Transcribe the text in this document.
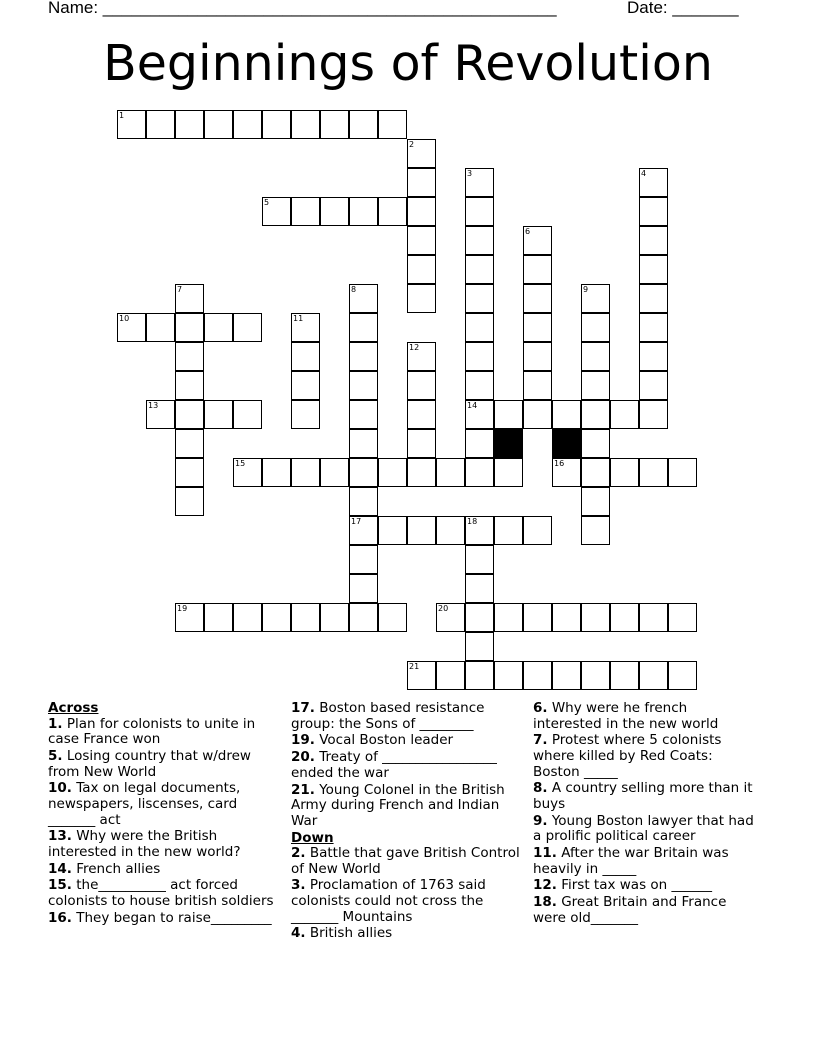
Name: ________________________________________________	Date: _______
Beginnings of Revolution
1
5
10
13	14
15	16
17	18
19	20
21
2
3	4
6
7	8	9
11
12
Across
1. Plan for colonists to unite in case France won
5. Losing country that w/drew from New World
10. Tax on legal documents, newspapers, liscenses, card _______ act
13. Why were the British interested in the new world?
14. French allies
15. the__________ act forced colonists to house british soldiers
16. They began to raise_________
17. Boston based resistance group: the Sons of ________
19. Vocal Boston leader
20. Treaty of _________________ ended the war
21. Young Colonel in the British Army during French and Indian War
Down
2. Battle that gave British Control of New World
3. Proclamation of 1763 said colonists could not cross the _______ Mountains
4. British allies
6. Why were he french interested in the new world
7. Protest where 5 colonists where killed by Red Coats: Boston _____
8. A country selling more than it buys
9. Young Boston lawyer that had a prolific political career
11. After the war Britain was heavily in _____
12. First tax was on ______
18. Great Britain and France were old_______
